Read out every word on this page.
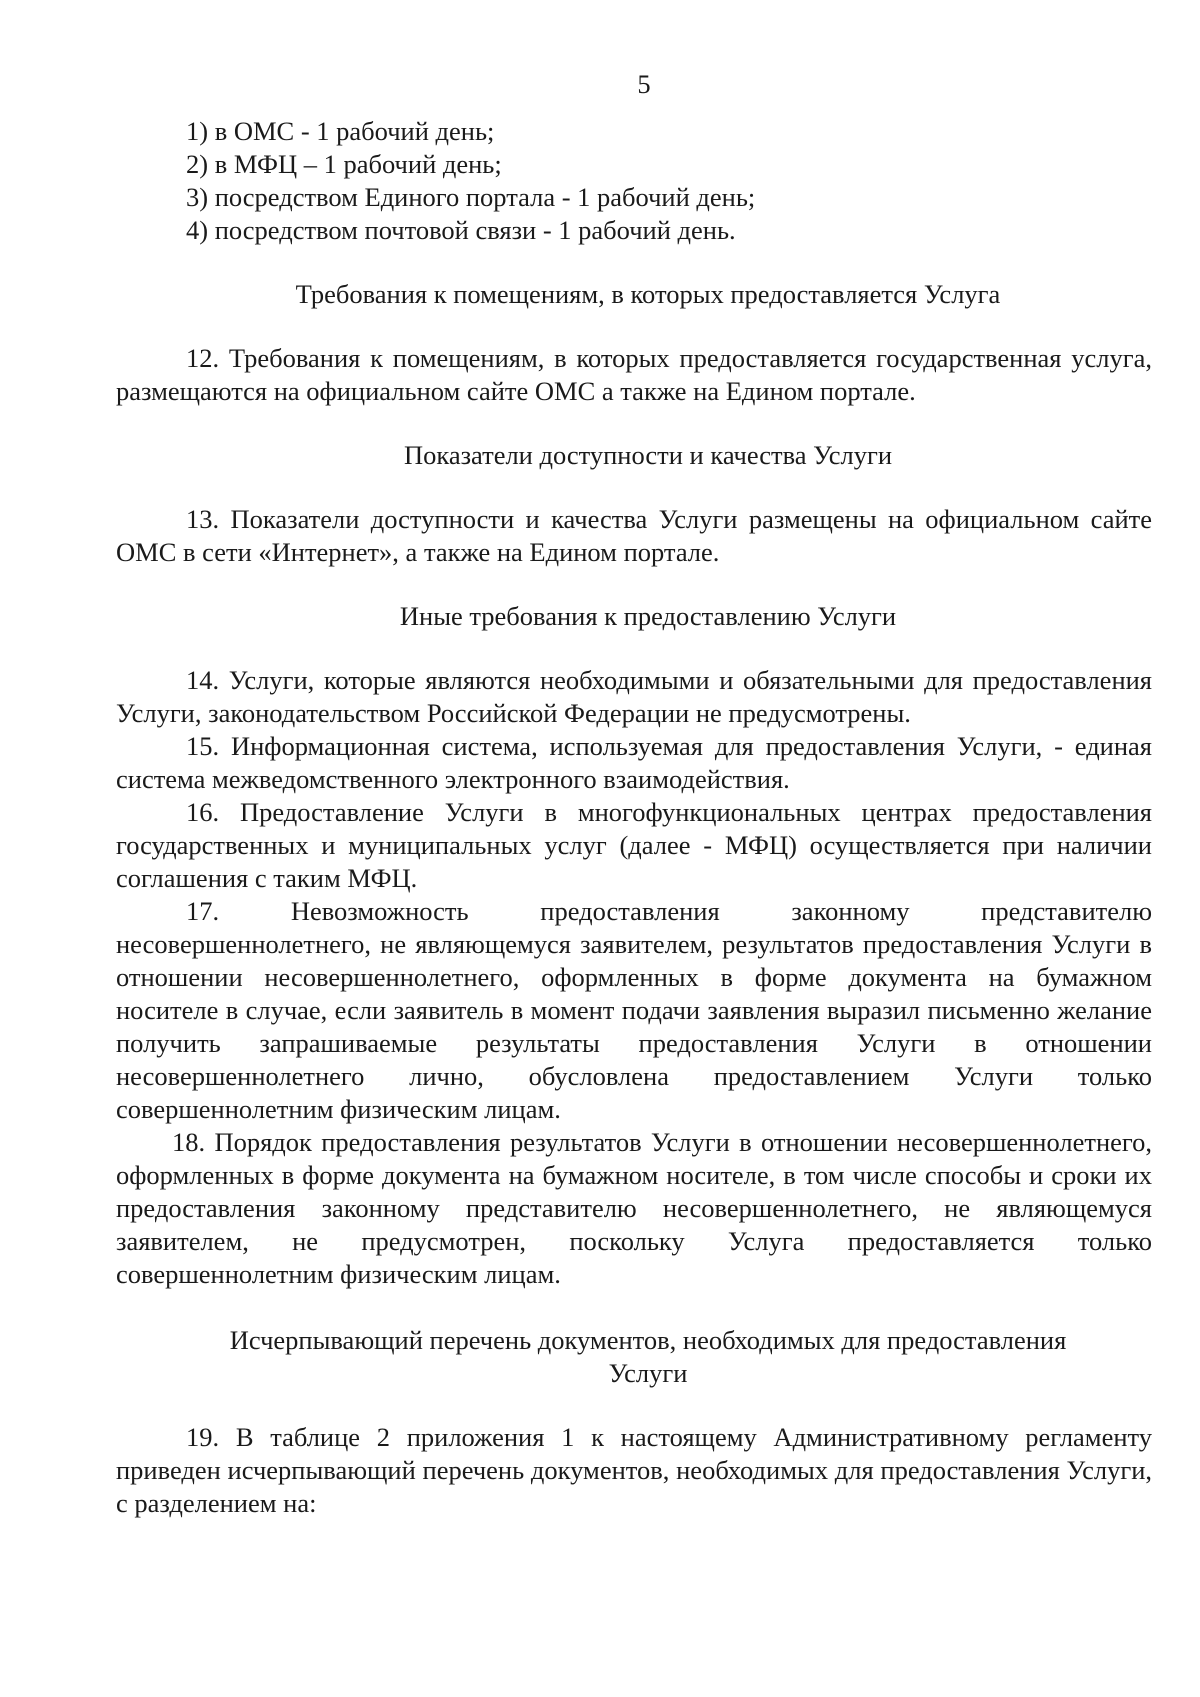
5
1) в ОМС - 1 рабочий день;
2) в МФЦ – 1 рабочий день;
3) посредством Единого портала - 1 рабочий день;
4) посредством почтовой связи - 1 рабочий день.
Требования к помещениям, в которых предоставляется Услуга

12. Требования к помещениям, в которых предоставляется государственная услуга, размещаются на официальном сайте ОМС а также на Едином портале.

Показатели доступности и качества Услуги

13. Показатели доступности и качества Услуги размещены на официальном сайте ОМС в сети «Интернет», а также на Едином портале.

Иные требования к предоставлению Услуги

14. Услуги, которые являются необходимыми и обязательными для предоставления Услуги, законодательством Российской Федерации не предусмотрены.

15. Информационная система, используемая для предоставления Услуги, - единая система межведомственного электронного взаимодействия.

16. Предоставление Услуги в многофункциональных центрах предоставления государственных и муниципальных услуг (далее - МФЦ) осуществляется при наличии соглашения с таким МФЦ.

17. Невозможность предоставления законному представителю несовершеннолетнего, не являющемуся заявителем, результатов предоставления Услуги в отношении несовершеннолетнего, оформленных в форме документа на бумажном носителе в случае, если заявитель в момент подачи заявления выразил письменно желание получить запрашиваемые результаты предоставления Услуги в отношении несовершеннолетнего лично, обусловлена предоставлением Услуги только совершеннолетним физическим лицам.

18. Порядок предоставления результатов Услуги в отношении несовершеннолетнего, оформленных в форме документа на бумажном носителе, в том числе способы и сроки их предоставления законному представителю несовершеннолетнего, не являющемуся заявителем, не предусмотрен, поскольку Услуга предоставляется только совершеннолетним физическим лицам.

Исчерпывающий перечень документов, необходимых для предоставления
Услуги

19. В таблице 2 приложения 1 к настоящему Административному регламенту приведен исчерпывающий перечень документов, необходимых для предоставления Услуги, с разделением на:
